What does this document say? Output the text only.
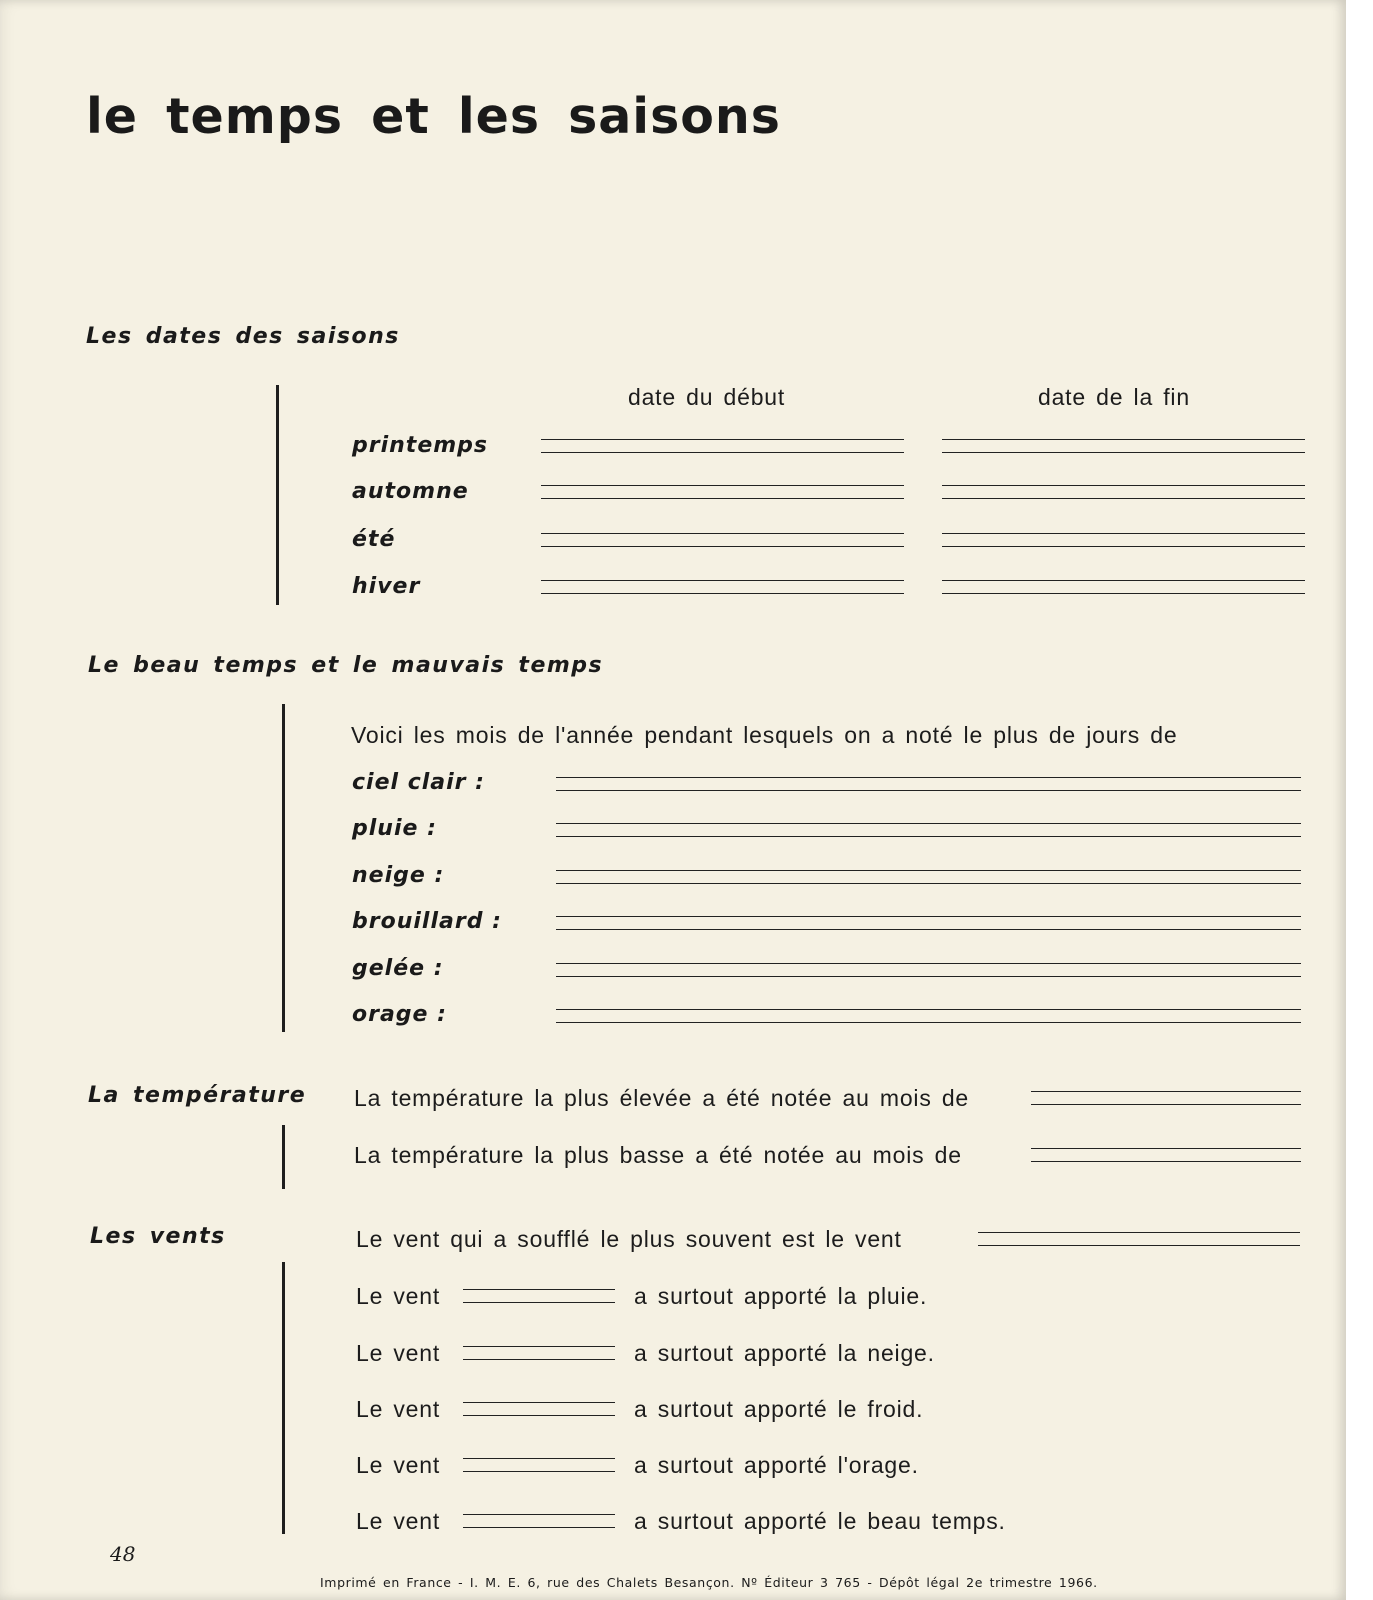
le temps et les saisons
Les dates des saisons
date du début	date de la fin
printemps
automne
été
hiver
Le beau temps et le mauvais temps
Voici les mois de l'année pendant lesquels on a noté le plus de jours de
ciel clair :
pluie :
neige :
brouillard :
gelée :
orage :
La température La température la plus élevée a été notée au mois de
La température la plus basse a été notée au mois de
Les vents	Le vent qui a soufflé le plus souvent est le vent
Le vent	a surtout apporté la pluie.
Le vent	a surtout apporté la neige.
Le vent	a surtout apporté le froid.
Le vent	a surtout apporté l'orage.
Le vent	a surtout apporté le beau temps.
48
Imprimé en France - I. M. E. 6, rue des Chalets Besançon. Nº Éditeur 3 765 - Dépôt légal 2e trimestre 1966.
